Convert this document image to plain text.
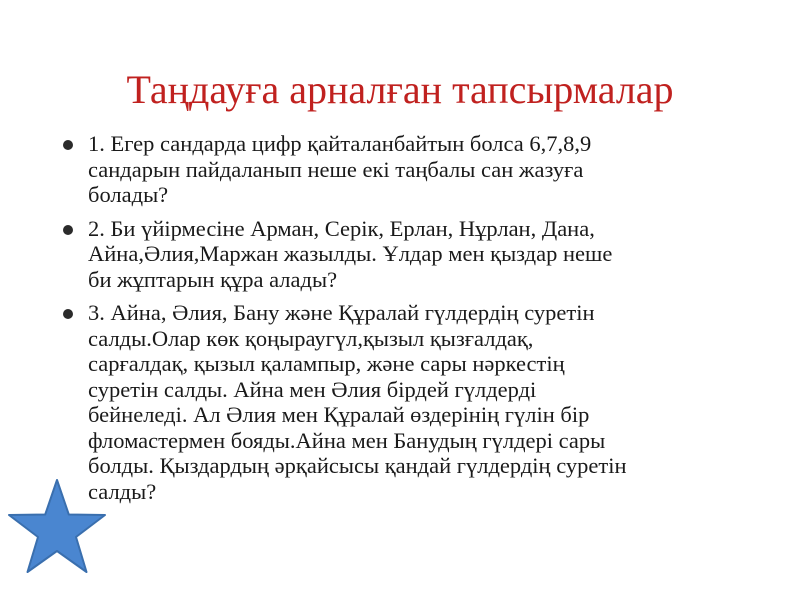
Таңдауға арналған тапсырмалар
1. Егер сандарда цифр қайталанбайтын болса 6,7,8,9
сандарын пайдаланып неше екі таңбалы сан жазуға
болады?
2. Би үйірмесіне Арман, Серік, Ерлан, Нұрлан, Дана,
Айна,Әлия,Маржан жазылды. Ұлдар мен қыздар неше
би жұптарын құра алады?
3. Айна, Әлия, Бану және Құралай гүлдердің суретін
салды.Олар көк қоңыраугүл,қызыл қызғалдақ,
сарғалдақ, қызыл қалампыр, және сары нәркестің
суретін салды. Айна мен Әлия бірдей гүлдерді
бейнеледі. Ал Әлия мен Құралай өздерінің гүлін бір
фломастермен бояды.Айна мен Банудың гүлдері сары
болды. Қыздардың әрқайсысы қандай гүлдердің суретін
салды?
